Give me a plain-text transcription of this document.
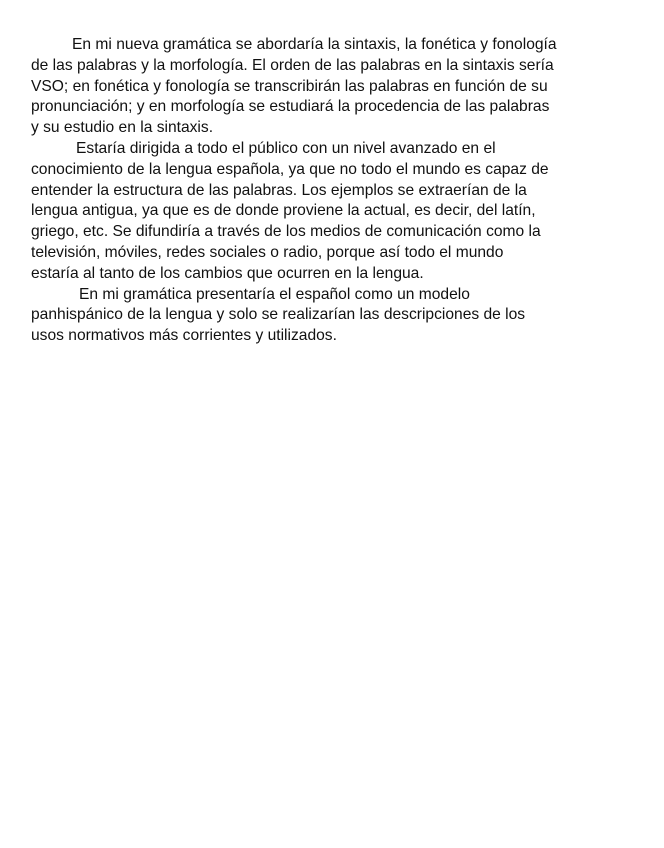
En mi nueva gramática se abordaría la sintaxis, la fonética y fonología
de las palabras y la morfología. El orden de las palabras en la sintaxis sería
VSO; en fonética y fonología se transcribirán las palabras en función de su
pronunciación; y en morfología se estudiará la procedencia de las palabras
y su estudio en la sintaxis.
Estaría dirigida a todo el público con un nivel avanzado en el
conocimiento de la lengua española, ya que no todo el mundo es capaz de
entender la estructura de las palabras. Los ejemplos se extraerían de la
lengua antigua, ya que es de donde proviene la actual, es decir, del latín,
griego, etc. Se difundiría a través de los medios de comunicación como la
televisión, móviles, redes sociales o radio, porque así todo el mundo
estaría al tanto de los cambios que ocurren en la lengua.
En mi gramática presentaría el español como un modelo
panhispánico de la lengua y solo se realizarían las descripciones de los
usos normativos más corrientes y utilizados.
